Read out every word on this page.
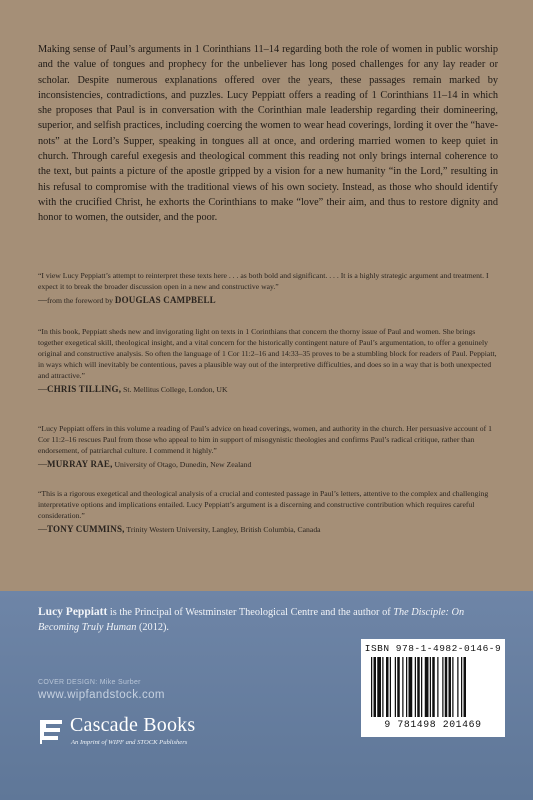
Making sense of Paul’s arguments in 1 Corinthians 11–14 regarding both the role of women in public worship and the value of tongues and prophecy for the unbeliever has long posed challenges for any lay reader or scholar. Despite numerous explanations offered over the years, these passages remain marked by inconsistencies, contradictions, and puzzles. Lucy Peppiatt offers a reading of 1 Corinthians 11–14 in which she proposes that Paul is in conversation with the Corinthian male leadership regarding their domineering, superior, and selfish practices, including coercing the women to wear head coverings, lording it over the “have-nots” at the Lord’s Supper, speaking in tongues all at once, and ordering married women to keep quiet in church. Through careful exegesis and theological comment this reading not only brings internal coherence to the text, but paints a picture of the apostle gripped by a vision for a new humanity “in the Lord,” resulting in his refusal to compromise with the traditional views of his own society. Instead, as those who should identify with the crucified Christ, he exhorts the Corinthians to make “love” their aim, and thus to restore dignity and honor to women, the outsider, and the poor.

“I view Lucy Peppiatt’s attempt to reinterpret these texts here . . . as both bold and significant. . . . It is a highly strategic argument and treatment. I expect it to break the broader discussion open in a new and constructive way.”

—from the foreword by DOUGLAS CAMPBELL

“In this book, Peppiatt sheds new and invigorating light on texts in 1 Corinthians that concern the thorny issue of Paul and women. She brings together exegetical skill, theological insight, and a vital concern for the historically contingent nature of Paul’s argumentation, to offer a genuinely original and constructive analysis. So often the language of 1 Cor 11:2–16 and 14:33–35 proves to be a stumbling block for readers of Paul. Peppiatt, in ways which will inevitably be contentious, paves a plausible way out of the interpretive difficulties, and does so in a way that is both unexpected and attractive.”

—CHRIS TILLING, St. Mellitus College, London, UK

“Lucy Peppiatt offers in this volume a reading of Paul’s advice on head coverings, women, and authority in the church. Her persuasive account of 1 Cor 11:2–16 rescues Paul from those who appeal to him in support of misogynistic theologies and confirms Paul’s radical critique, rather than endorsement, of patriarchal culture. I commend it highly.”

—MURRAY RAE, University of Otago, Dunedin, New Zealand

“This is a rigorous exegetical and theological analysis of a crucial and contested passage in Paul’s letters, attentive to the complex and challenging interpretative options and implications entailed. Lucy Peppiatt’s argument is a discerning and constructive contribution which requires careful consideration.”

—TONY CUMMINS, Trinity Western University, Langley, British Columbia, Canada

Lucy Peppiatt is the Principal of Westminster Theological Centre and the author of The Disciple: On Becoming Truly Human (2012).

COVER DESIGN: Mike Surber
www.wipfandstock.com
Cascade Books
An Imprint of WIPF and STOCK Publishers
ISBN 978-1-4982-0146-9
9 781498 201469
